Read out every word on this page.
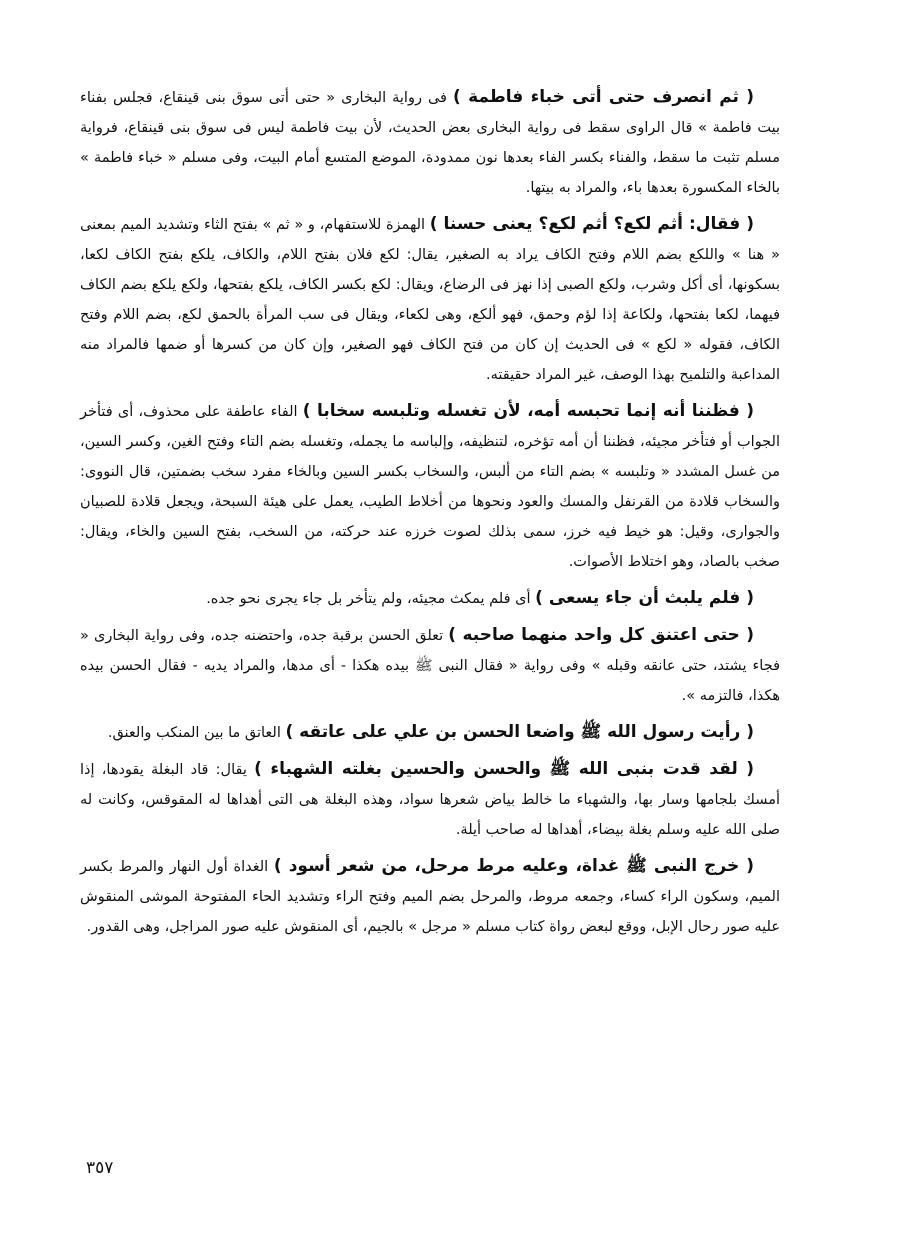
( ثم انصرف حتى أتى خباء فاطمة ) فى رواية البخارى « حتى أتى سوق بنى قينقاع، فجلس بفناء بيت فاطمة » قال الراوى سقط فى رواية البخارى بعض الحديث، لأن بيت فاطمة ليس فى سوق بنى قينقاع، فرواية مسلم تثبت ما سقط، والفناء بكسر الفاء بعدها نون ممدودة، الموضع المتسع أمام البيت، وفى مسلم « خباء فاطمة » بالخاء المكسورة بعدها باء، والمراد به بيتها.

( فقال: أثم لكع؟ أثم لكع؟ يعنى حسنا ) الهمزة للاستفهام، و « ثم » بفتح الثاء وتشديد الميم بمعنى « هنا » واللكع بضم اللام وفتح الكاف يراد به الصغير، يقال: لكع فلان بفتح اللام، والكاف، يلكع بفتح الكاف لكعا، بسكونها، أى أكل وشرب، ولكع الصبى إذا نهز فى الرضاع، ويقال: لكع بكسر الكاف، يلكع بفتحها، ولكع يلكع بضم الكاف فيهما، لكعا بفتحها، ولكاعة إذا لؤم وحمق، فهو ألكع، وهى لكعاء، ويقال فى سب المرأة بالحمق لكع، بضم اللام وفتح الكاف، فقوله « لكع » فى الحديث إن كان من فتح الكاف فهو الصغير، وإن كان من كسرها أو ضمها فالمراد منه المداعبة والتلميح بهذا الوصف، غير المراد حقيقته.

( فظننا أنه إنما تحبسه أمه، لأن تغسله وتلبسه سخابا ) الفاء عاطفة على محذوف، أى فتأخر الجواب أو فتأخر مجيئه، فظننا أن أمه تؤخره، لتنظيفه، وإلباسه ما يجمله، وتغسله بضم التاء وفتح الغين، وكسر السين، من غسل المشدد « وتلبسه » بضم التاء من ألبس، والسخاب بكسر السين وبالخاء مفرد سخب بضمتين، قال النووى: والسخاب قلادة من القرنفل والمسك والعود ونحوها من أخلاط الطيب، يعمل على هيئة السبحة، ويجعل قلادة للصبيان والجوارى، وقيل: هو خيط فيه خرز، سمى بذلك لصوت خرزه عند حركته، من السخب، بفتح السين والخاء، ويقال: صخب بالصاد، وهو اختلاط الأصوات.

( فلم يلبث أن جاء يسعى ) أى فلم يمكث مجيئه، ولم يتأخر بل جاء يجرى نحو جده.

( حتى اعتنق كل واحد منهما صاحبه ) تعلق الحسن برقبة جده، واحتضنه جده، وفى رواية البخارى « فجاء يشتد، حتى عانقه وقبله » وفى رواية « فقال النبى ﷺ بيده هكذا - أى مدها، والمراد يديه - فقال الحسن بيده هكذا، فالتزمه ».

( رأيت رسول الله ﷺ واضعا الحسن بن علي على عاتقه ) العاتق ما بين المنكب والعنق.

( لقد قدت بنبى الله ﷺ والحسن والحسين بغلته الشهباء ) يقال: قاد البغلة يقودها، إذا أمسك بلجامها وسار بها، والشهباء ما خالط بياض شعرها سواد، وهذه البغلة هى التى أهداها له المقوقس، وكانت له صلى الله عليه وسلم بغلة بيضاء، أهداها له صاحب أيلة.

( خرج النبى ﷺ غداة، وعليه مرط مرحل، من شعر أسود ) الغداة أول النهار والمرط بكسر الميم، وسكون الراء كساء، وجمعه مروط، والمرحل بضم الميم وفتح الراء وتشديد الحاء المفتوحة الموشى المنقوش عليه صور رحال الإبل، ووقع لبعض رواة كتاب مسلم « مرجل » بالجيم، أى المنقوش عليه صور المراجل، وهى القدور.

٣٥٧
